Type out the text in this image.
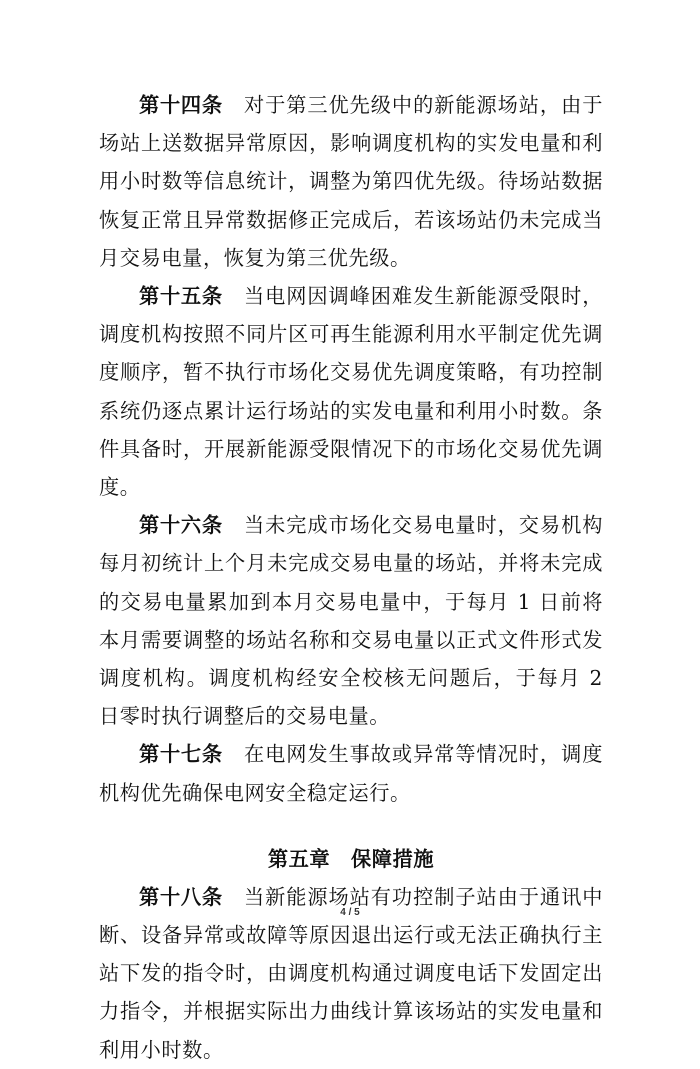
第十四条　 对于第三优先级中的新能源场站，由于场站上送数据异常原因，影响调度机构的实发电量和利用小时数等信息统计，调整为第四优先级。待场站数据恢复正常且异常数据修正完成后，若该场站仍未完成当月交易电量，恢复为第三优先级。

第十五条　 当电网因调峰困难发生新能源受限时，调度机构按照不同片区可再生能源利用水平制定优先调度顺序，暂不执行市场化交易优先调度策略，有功控制系统仍逐点累计运行场站的实发电量和利用小时数。条件具备时，开展新能源受限情况下的市场化交易优先调度。

第十六条　 当未完成市场化交易电量时，交易机构每月初统计上个月未完成交易电量的场站，并将未完成的交易电量累加到本月交易电量中，于每月 1 日前将本月需要调整的场站名称和交易电量以正式文件形式发调度机构。调度机构经安全校核无问题后，于每月 2 日零时执行调整后的交易电量。

第十七条　 在电网发生事故或异常等情况时，调度机构优先确保电网安全稳定运行。

第五章　保障措施

第十八条　 当新能源场站有功控制子站由于通讯中断、设备异常或故障等原因退出运行或无法正确执行主站下发的指令时，由调度机构通过调度电话下发固定出力指令，并根据实际出力曲线计算该场站的实发电量和利用小时数。

4 / 5
